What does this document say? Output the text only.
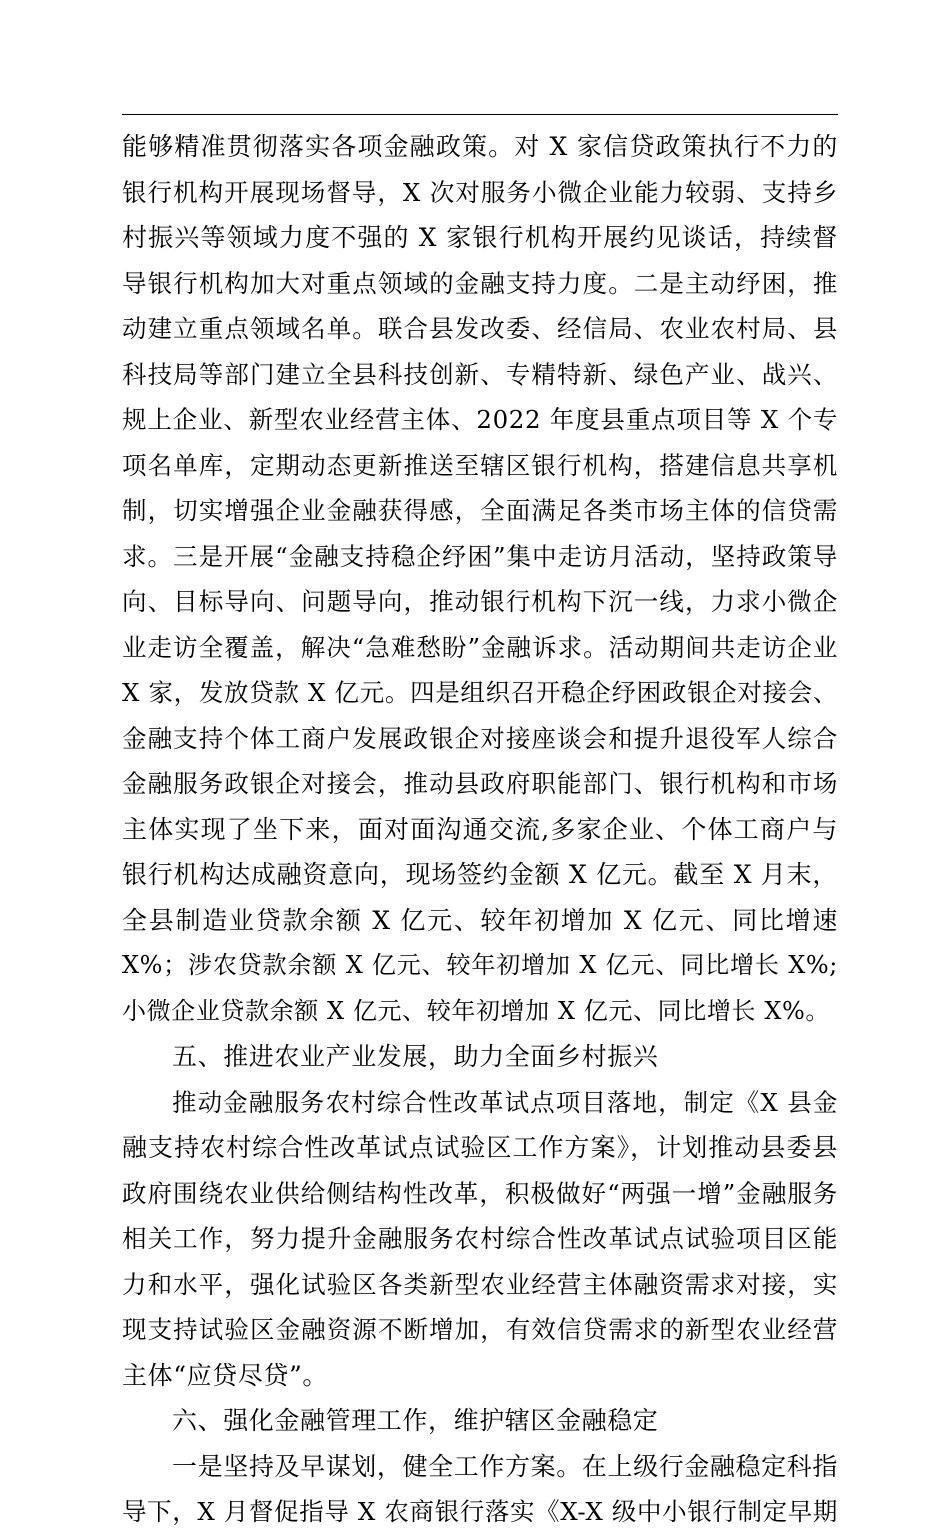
能够精准贯彻落实各项金融政策。对 X 家信贷政策执行不力的
银行机构开展现场督导，X 次对服务小微企业能力较弱、支持乡
村振兴等领域力度不强的 X 家银行机构开展约见谈话，持续督
导银行机构加大对重点领域的金融支持力度。二是主动纾困，推
动建立重点领域名单。联合县发改委、经信局、农业农村局、县
科技局等部门建立全县科技创新、专精特新、绿色产业、战兴、
规上企业、新型农业经营主体、2022 年度县重点项目等 X 个专
项名单库，定期动态更新推送至辖区银行机构，搭建信息共享机
制，切实增强企业金融获得感，全面满足各类市场主体的信贷需
求。三是开展“金融支持稳企纾困”集中走访月活动，坚持政策导
向、目标导向、问题导向，推动银行机构下沉一线，力求小微企
业走访全覆盖，解决“急难愁盼”金融诉求。活动期间共走访企业
X 家，发放贷款 X 亿元。四是组织召开稳企纾困政银企对接会、
金融支持个体工商户发展政银企对接座谈会和提升退役军人综合
金融服务政银企对接会，推动县政府职能部门、银行机构和市场
主体实现了坐下来，面对面沟通交流,多家企业、个体工商户与
银行机构达成融资意向，现场签约金额 X 亿元。截至 X 月末，
全县制造业贷款余额 X 亿元、较年初增加 X 亿元、同比增速
X%；涉农贷款余额 X 亿元、较年初增加 X 亿元、同比增长 X%;
小微企业贷款余额 X 亿元、较年初增加 X 亿元、同比增长 X%。
五、推进农业产业发展，助力全面乡村振兴
推动金融服务农村综合性改革试点项目落地，制定《X 县金
融支持农村综合性改革试点试验区工作方案》，计划推动县委县
政府围绕农业供给侧结构性改革，积极做好“两强一增”金融服务
相关工作，努力提升金融服务农村综合性改革试点试验项目区能
力和水平，强化试验区各类新型农业经营主体融资需求对接，实
现支持试验区金融资源不断增加，有效信贷需求的新型农业经营
主体“应贷尽贷”。
六、强化金融管理工作，维护辖区金融稳定
一是坚持及早谋划，健全工作方案。在上级行金融稳定科指
导下，X 月督促指导 X 农商银行落实《X-X 级中小银行制定早期
